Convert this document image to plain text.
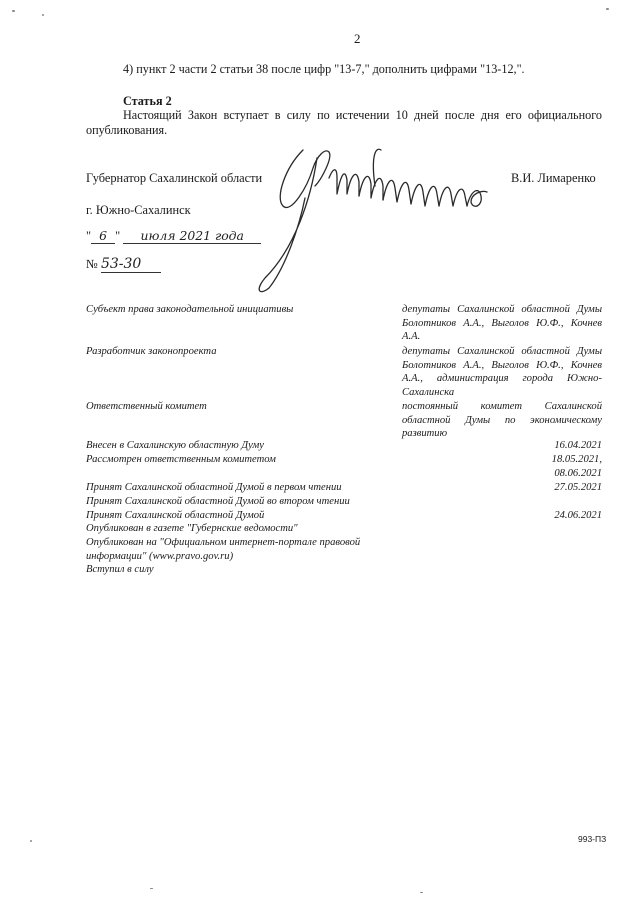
2
4) пункт 2 части 2 статьи 38 после цифр "13-7," дополнить цифрами "13-12,".
Статья 2
Настоящий Закон вступает в силу по истечении 10 дней после дня его официального опубликования.
Губернатор Сахалинской области	В.И. Лимаренко
г. Южно-Сахалинск
" 6 " июля 2021 года
№ 53-30
Субъект права законодательной инициативы	депутаты Сахалинской областной Думы Болотников А.А., Выголов Ю.Ф., Кочнев А.А.
Разработчик законопроекта	депутаты Сахалинской областной Думы Болотников А.А., Выголов Ю.Ф., Кочнев А.А., администрация города Южно-Сахалинска
Ответственный комитет	постоянный комитет Сахалинской областной Думы по экономическому развитию
Внесен в Сахалинскую областную Думу	16.04.2021
Рассмотрен ответственным комитетом	18.05.2021,
08.06.2021
Принят Сахалинской областной Думой в первом чтении	27.05.2021
Принят Сахалинской областной Думой во втором чтении
Принят Сахалинской областной Думой	24.06.2021
Опубликован в газете "Губернские ведомости"
Опубликован на "Официальном интернет-портале правовой информации" (www.pravo.gov.ru)
Вступил в силу
993-ПЗ
